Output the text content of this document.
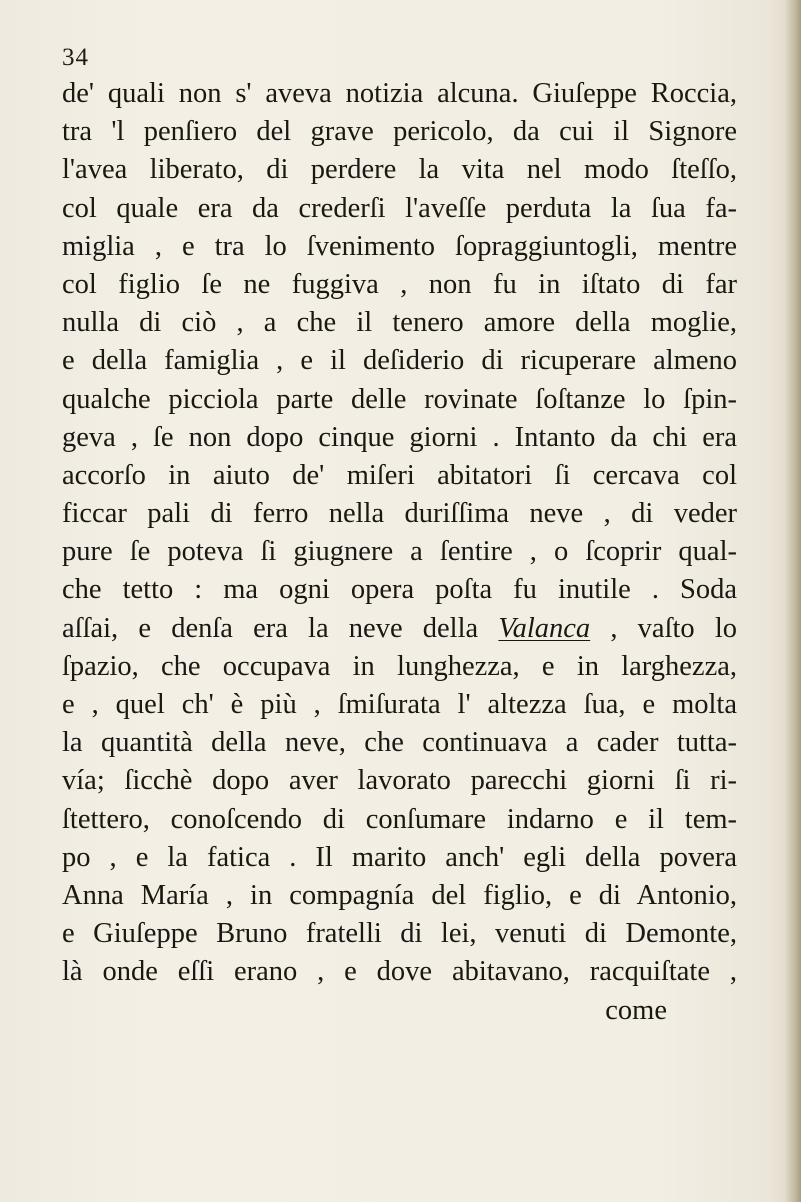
34
de' quali non s' aveva notizia alcuna. Giuſeppe Roccia,
tra 'l penſiero del grave pericolo, da cui il Signore
l'avea liberato, di perdere la vita nel modo ſteſſo,
col quale era da crederſi l'aveſſe perduta la ſua fa-
miglia , e tra lo ſvenimento ſopraggiuntogli, mentre
col figlio ſe ne fuggiva , non fu in iſtato di far
nulla di ciò , a che il tenero amore della moglie,
e della famiglia , e il deſiderio di ricuperare almeno
qualche picciola parte delle rovinate ſoſtanze lo ſpin-
geva , ſe non dopo cinque giorni . Intanto da chi era
accorſo in aiuto de' miſeri abitatori ſi cercava col
ficcar pali di ferro nella duriſſima neve , di veder
pure ſe poteva ſi giugnere a ſentire , o ſcoprir qual-
che tetto : ma ogni opera poſta fu inutile . Soda
aſſai, e denſa era la neve della Valanca , vaſto lo
ſpazio, che occupava in lunghezza, e in larghezza,
e , quel ch' è più , ſmiſurata l' altezza ſua, e molta
la quantità della neve, che continuava a cader tutta-
vía; ſicchè dopo aver lavorato parecchi giorni ſi ri-
ſtettero, conoſcendo di conſumare indarno e il tem-
po , e la fatica . Il marito anch' egli della povera
Anna María , in compagnía del figlio, e di Antonio,
e Giuſeppe Bruno fratelli di lei, venuti di Demonte,
là onde eſſi erano , e dove abitavano, racquiſtate ,
come
